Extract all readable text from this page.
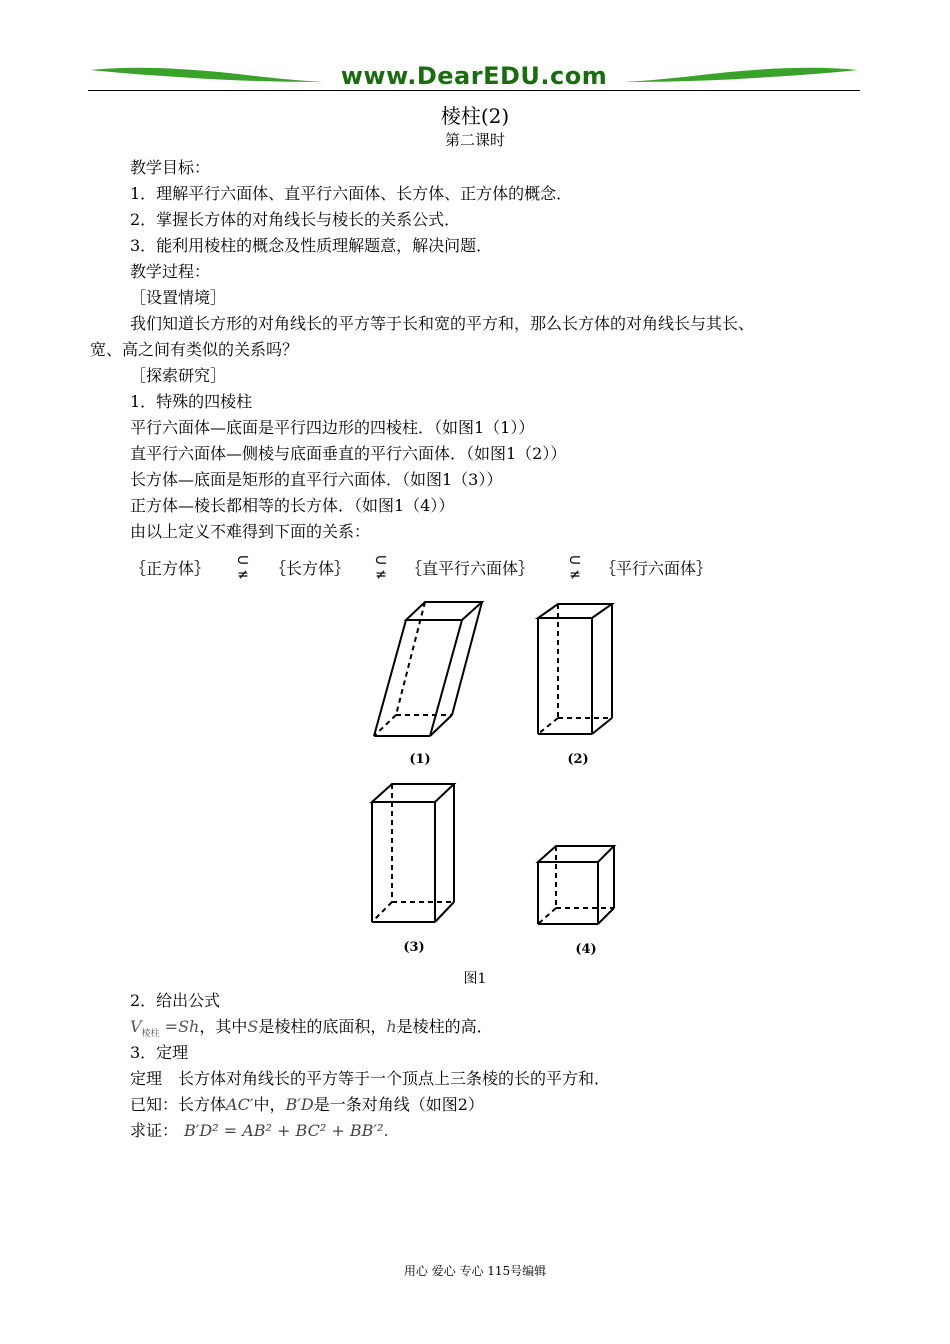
www.DearEDU.com
棱柱(2)
第二课时
教学目标：
1．理解平行六面体、直平行六面体、长方体、正方体的概念．
2．掌握长方体的对角线长与棱长的关系公式．
3．能利用棱柱的概念及性质理解题意，解决问题．
教学过程：
［设置情境］
我们知道长方形的对角线长的平方等于长和宽的平方和，那么长方体的对角线长与其长、
宽、高之间有类似的关系吗？
［探索研究］
1．特殊的四棱柱
平行六面体—底面是平行四边形的四棱柱．（如图1（1））
直平行六面体—侧棱与底面垂直的平行六面体．（如图1（2））
长方体—底面是矩形的直平行六面体．（如图1（3））
正方体—棱长都相等的长方体．（如图1（4））
由以上定义不难得到下面的关系：
｛正方体｝ ⊂
≠	｛长方体｝ ⊂
≠	｛直平行六面体｝ ⊂
≠	｛平行六面体｝
(1)	(2)
(3)	(4)
图1
2．给出公式
$V_{棱柱} =Sh$，其中S是棱柱的底面积，h是棱柱的高．
3．定理
定理　长方体对角线长的平方等于一个顶点上三条棱的长的平方和．
已知：长方体AC′中，B′D是一条对角线（如图2）
求证： B′D² = AB² + BC² + BB′²．
用心 爱心 专心 115号编辑
